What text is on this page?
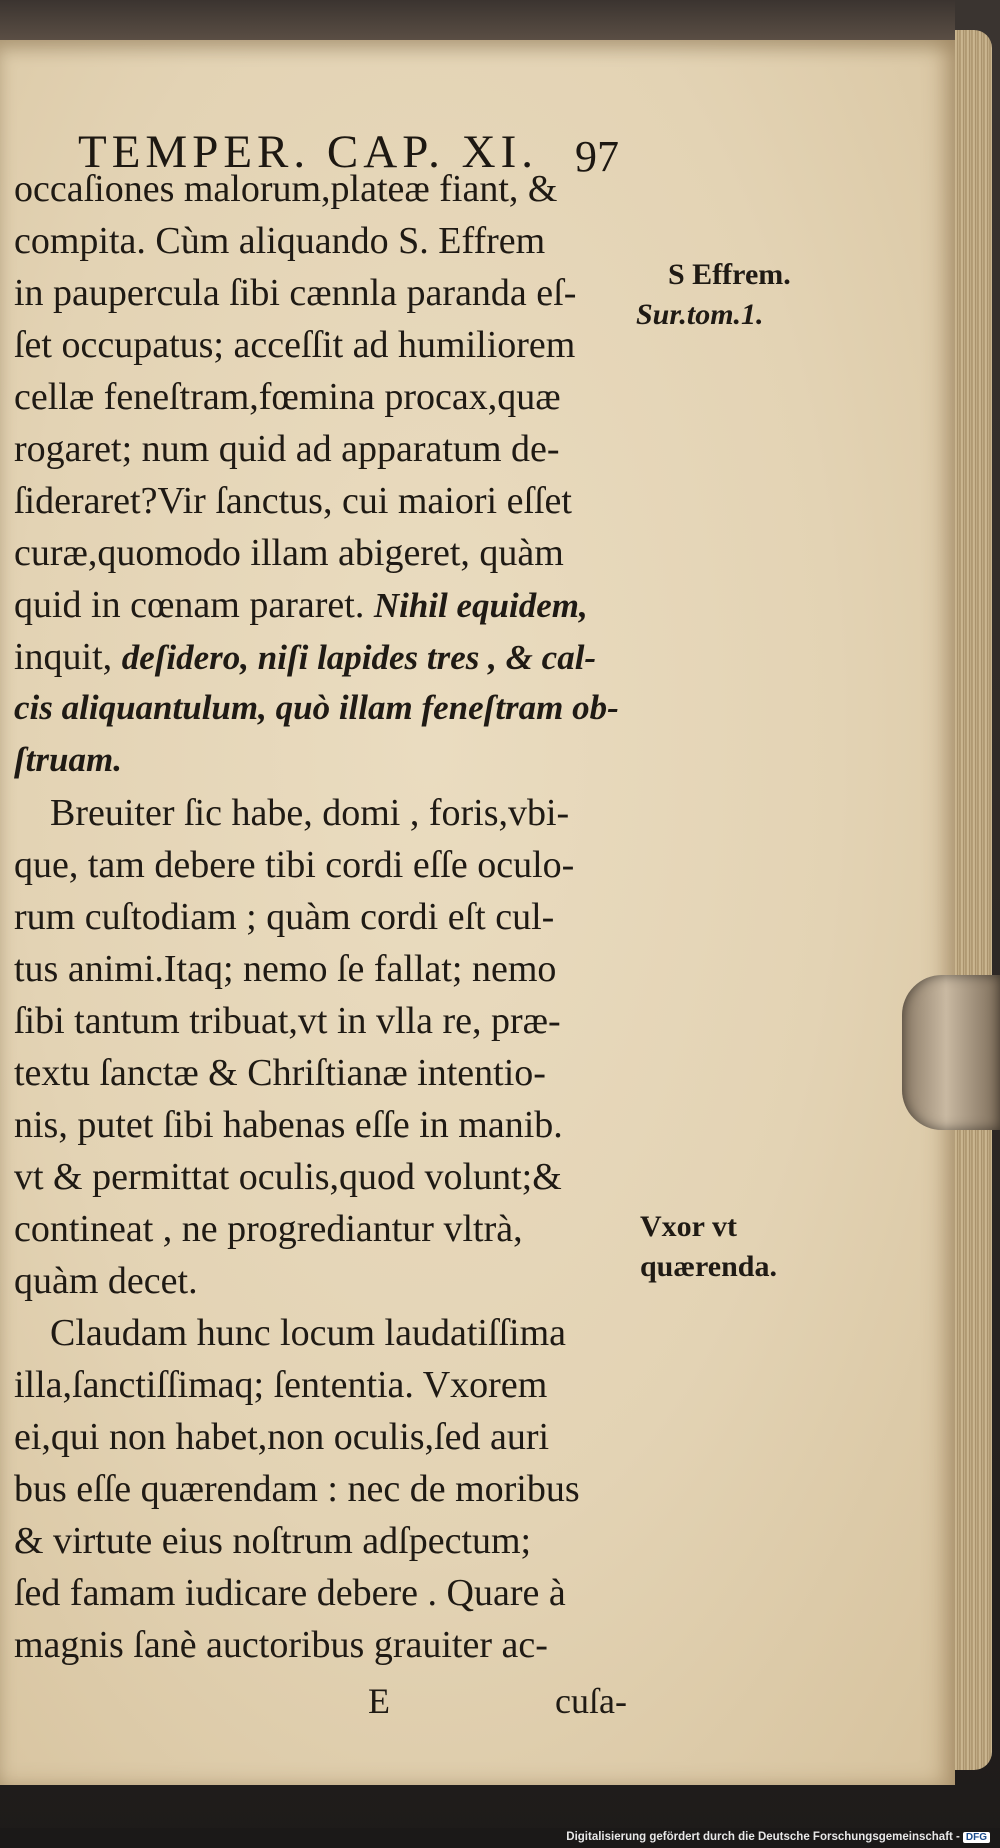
TEMPER. CAP. XI. 97
occaſiones malorum,plateæ fiant, &
compita. Cùm aliquando S. Effrem
in paupercula ſibi cænnla paranda eſ-
ſet occupatus; acceſſit ad humiliorem
cellæ feneſtram,fœmina procax,quæ
rogaret; num quid ad apparatum de-
ſideraret?Vir ſanctus, cui maiori eſſet
curæ,quomodo illam abigeret, quàm
quid in cœnam pararet. Nihil equidem,
inquit, deſidero, niſi lapides tres , & cal-
cis aliquantulum, quò illam feneſtram ob-
ſtruam.
Breuiter ſic habe, domi , foris,vbi-
que, tam debere tibi cordi eſſe oculo-
rum cuſtodiam ; quàm cordi eſt cul-
tus animi.Itaq; nemo ſe fallat; nemo
ſibi tantum tribuat,vt in vlla re, præ-
textu ſanctæ & Chriſtianæ intentio-
nis, putet ſibi habenas eſſe in manib.
vt & permittat oculis,quod volunt;&
contineat , ne progrediantur vltrà,
quàm decet.
Claudam hunc locum laudatiſſima
illa,ſanctiſſimaq; ſententia. Vxorem
ei,qui non habet,non oculis,ſed auri
bus eſſe quærendam : nec de moribus
& virtute eius noſtrum adſpectum;
ſed famam iudicare debere . Quare à
magnis ſanè auctoribus grauiter ac-
S Effrem.
Sur.tom.1.
Vxor vt
quærenda.
E	cuſa-
Digitalisierung gefördert durch die Deutsche Forschungsgemeinschaft - DFG
